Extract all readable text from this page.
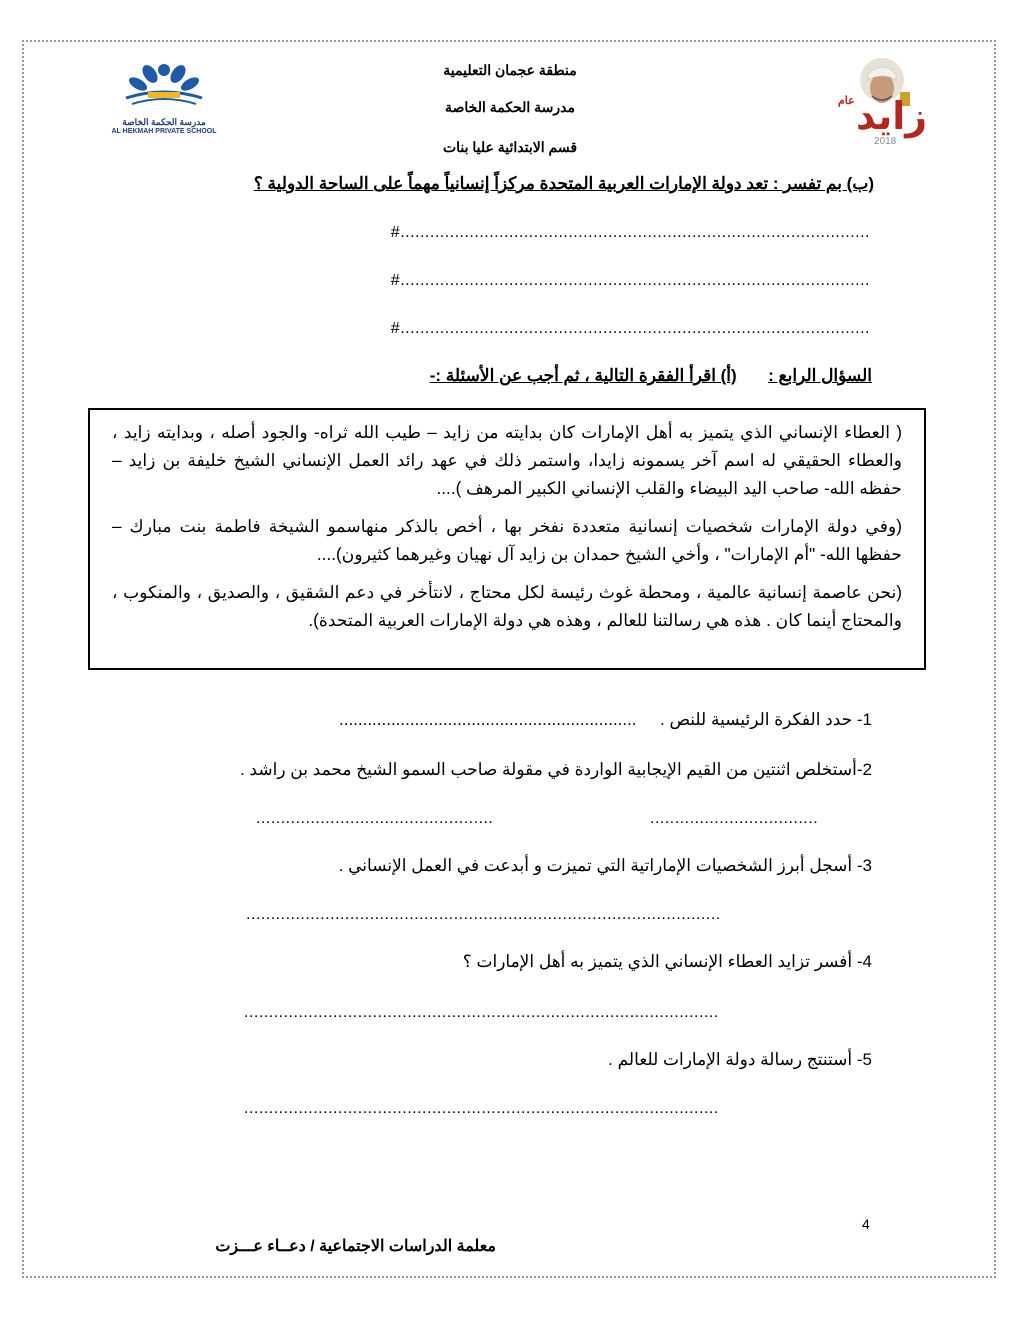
مدرسة الحكمة الخاصة
AL HEKMAH PRIVATE SCHOOL
منطقة عجمان التعليمية
مدرسة الحكمة الخاصة
قسم الابتدائية عليا بنات
عام زايد
2018
(ب) بم تفسر : تعد دولة الإمارات العربية المتحدة مركزاً إنسانياً مهماً على الساحة الدولية ؟
#...............................................................................................
#...............................................................................................
#...............................................................................................
السؤال الرابع :  (أ) اقرأ الفقرة التالية ، ثم أجب عن الأسئلة :-

( العطاء الإنساني الذي يتميز به أهل الإمارات كان بدايته من زايد – طيب الله ثراه- والجود أصله ، وبدايته زايد ، والعطاء الحقيقي له اسم آخر يسمونه زايدا، واستمر ذلك في عهد رائد العمل الإنساني الشيخ خليفة بن زايد –حفظه الله- صاحب اليد البيضاء والقلب الإنساني الكبير المرهف )....

(وفي دولة الإمارات شخصيات إنسانية متعددة نفخر بها ، أخص بالذكر منهاسمو الشيخة فاطمة بنت مبارك – حفظها الله- "أم الإمارات" ، وأخي الشيخ حمدان بن زايد آل نهيان وغيرهما كثيرون)....

(نحن عاصمة إنسانية عالمية ، ومحطة غوث رئيسة لكل محتاج ، لانتأخر في دعم الشقيق ، والصديق ، والمنكوب ، والمحتاج أينما كان . هذه هي رسالتنا للعالم ، وهذه هي دولة الإمارات العربية المتحدة).

1- حدد الفكرة الرئيسية للنص .  ...............................................................
2-أستخلص اثنتين من القيم الإيجابية الواردة في مقولة صاحب السمو الشيخ محمد بن راشد .
..................................
................................................
3- أسجل أبرز الشخصيات الإماراتية التي تميزت و أبدعت في العمل الإنساني .
................................................................................................
4- أفسر تزايد العطاء الإنساني الذي يتميز به أهل الإمارات ؟
................................................................................................
5- أستنتج رسالة دولة الإمارات للعالم .
................................................................................................
4
معلمة الدراسات الاجتماعية / دعــاء عـــزت
